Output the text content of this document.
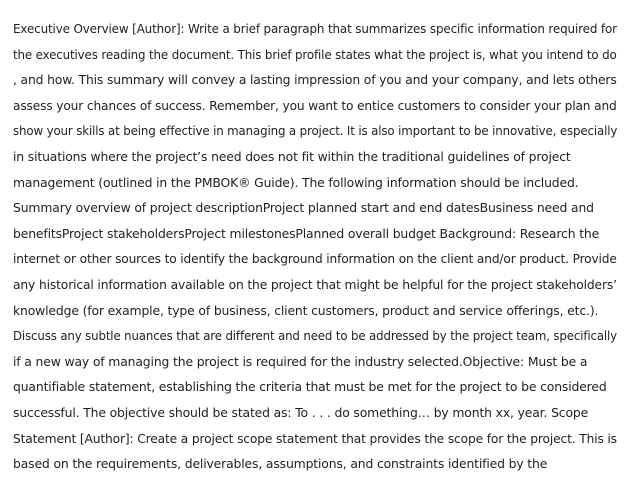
Executive Overview [Author]: Write a brief paragraph that summarizes specific information required for
the executives reading the document. This brief profile states what the project is, what you intend to do
, and how. This summary will convey a lasting impression of you and your company, and lets others
assess your chances of success. Remember, you want to entice customers to consider your plan and
show your skills at being effective in managing a project. It is also important to be innovative, especially
in situations where the project’s need does not fit within the traditional guidelines of project
management (outlined in the PMBOK® Guide). The following information should be included.
Summary overview of project descriptionProject planned start and end datesBusiness need and
benefitsProject stakeholdersProject milestonesPlanned overall budget Background: Research the
internet or other sources to identify the background information on the client and/or product. Provide
any historical information available on the project that might be helpful for the project stakeholders’
knowledge (for example, type of business, client customers, product and service offerings, etc.).
Discuss any subtle nuances that are different and need to be addressed by the project team, specifically
if a new way of managing the project is required for the industry selected.Objective: Must be a
quantifiable statement, establishing the criteria that must be met for the project to be considered
successful. The objective should be stated as: To . . . do something… by month xx, year. Scope
Statement [Author]: Create a project scope statement that provides the scope for the project. This is
based on the requirements, deliverables, assumptions, and constraints identified by the
